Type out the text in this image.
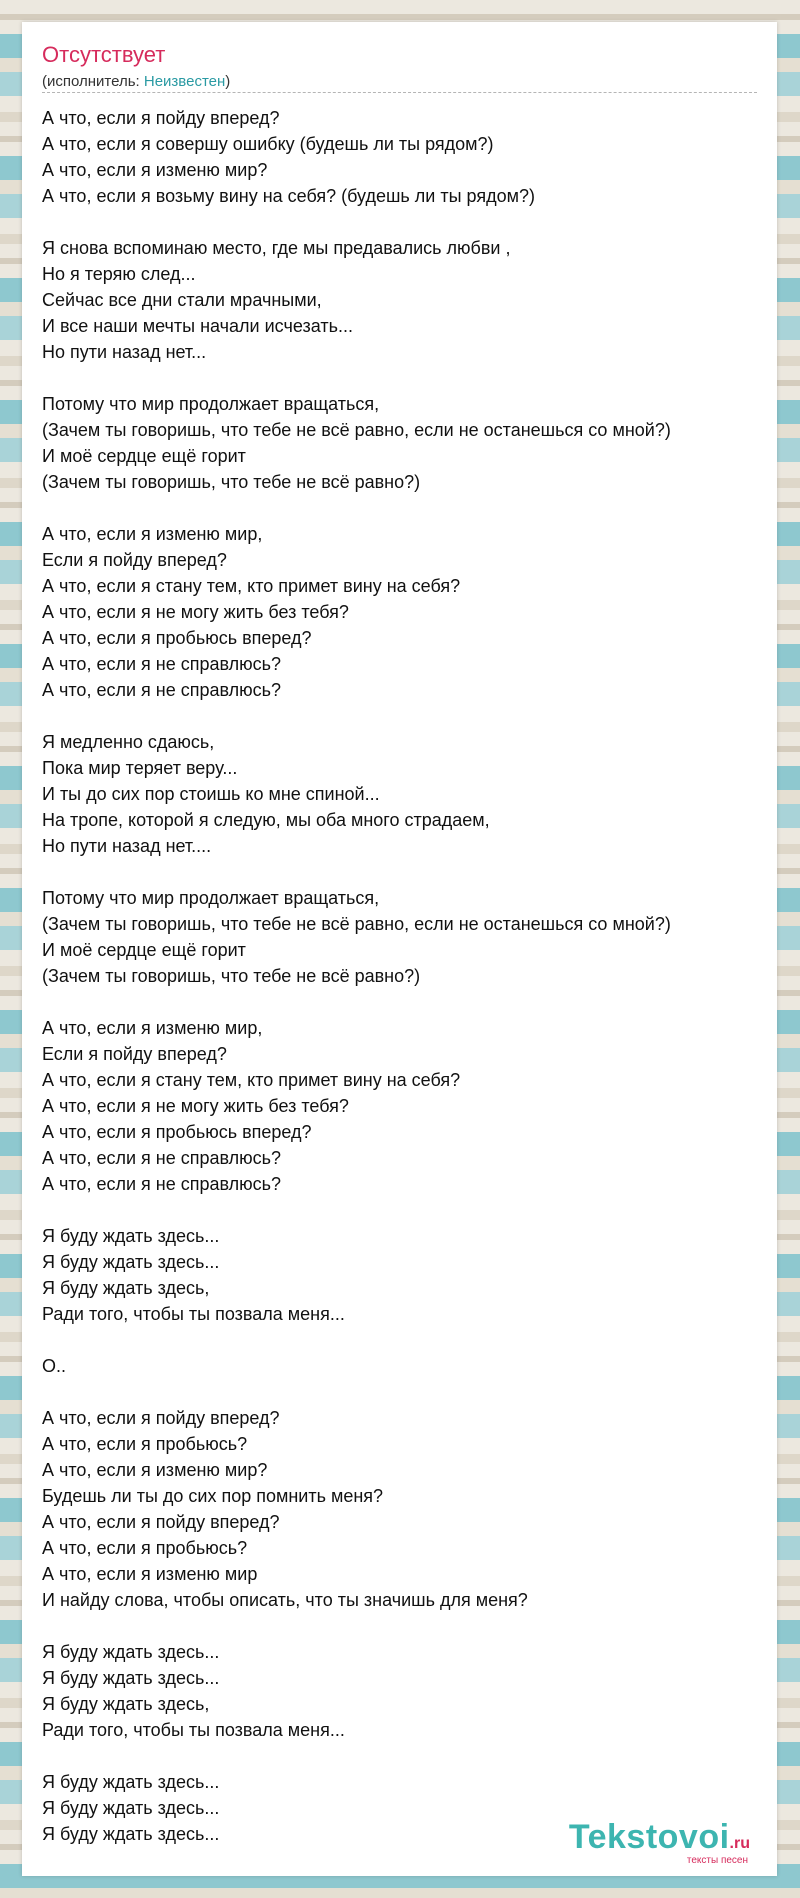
Отсутствует
(исполнитель: Неизвестен)
А что, если я пойду вперед?
А что, если я совершу ошибку (будешь ли ты рядом?)
А что, если я изменю мир?
А что, если я возьму вину на себя? (будешь ли ты рядом?)
Я снова вспоминаю место, где мы предавались любви ,
Но я теряю след...
Сейчас все дни стали мрачными,
И все наши мечты начали исчезать...
Но пути назад нет...
Потому что мир продолжает вращаться,
(Зачем ты говоришь, что тебе не всё равно, если не останешься со мной?)
И моё сердце ещё горит
(Зачем ты говоришь, что тебе не всё равно?)
А что, если я изменю мир,
Если я пойду вперед?
А что, если я стану тем, кто примет вину на себя?
А что, если я не могу жить без тебя?
А что, если я пробьюсь вперед?
А что, если я не справлюсь?
А что, если я не справлюсь?
Я медленно сдаюсь,
Пока мир теряет веру...
И ты до сих пор стоишь ко мне спиной...
На тропе, которой я следую, мы оба много страдаем,
Но пути назад нет....
Потому что мир продолжает вращаться,
(Зачем ты говоришь, что тебе не всё равно, если не останешься со мной?)
И моё сердце ещё горит
(Зачем ты говоришь, что тебе не всё равно?)
А что, если я изменю мир,
Если я пойду вперед?
А что, если я стану тем, кто примет вину на себя?
А что, если я не могу жить без тебя?
А что, если я пробьюсь вперед?
А что, если я не справлюсь?
А что, если я не справлюсь?
Я буду ждать здесь...
Я буду ждать здесь...
Я буду ждать здесь,
Ради того, чтобы ты позвала меня...
О..
А что, если я пойду вперед?
А что, если я пробьюсь?
А что, если я изменю мир?
Будешь ли ты до сих пор помнить меня?
А что, если я пойду вперед?
А что, если я пробьюсь?
А что, если я изменю мир
И найду слова, чтобы описать, что ты значишь для меня?
Я буду ждать здесь...
Я буду ждать здесь...
Я буду ждать здесь,
Ради того, чтобы ты позвала меня...
Я буду ждать здесь...
Я буду ждать здесь...
Я буду ждать здесь...	Tekstovoi.ru
тексты песен
